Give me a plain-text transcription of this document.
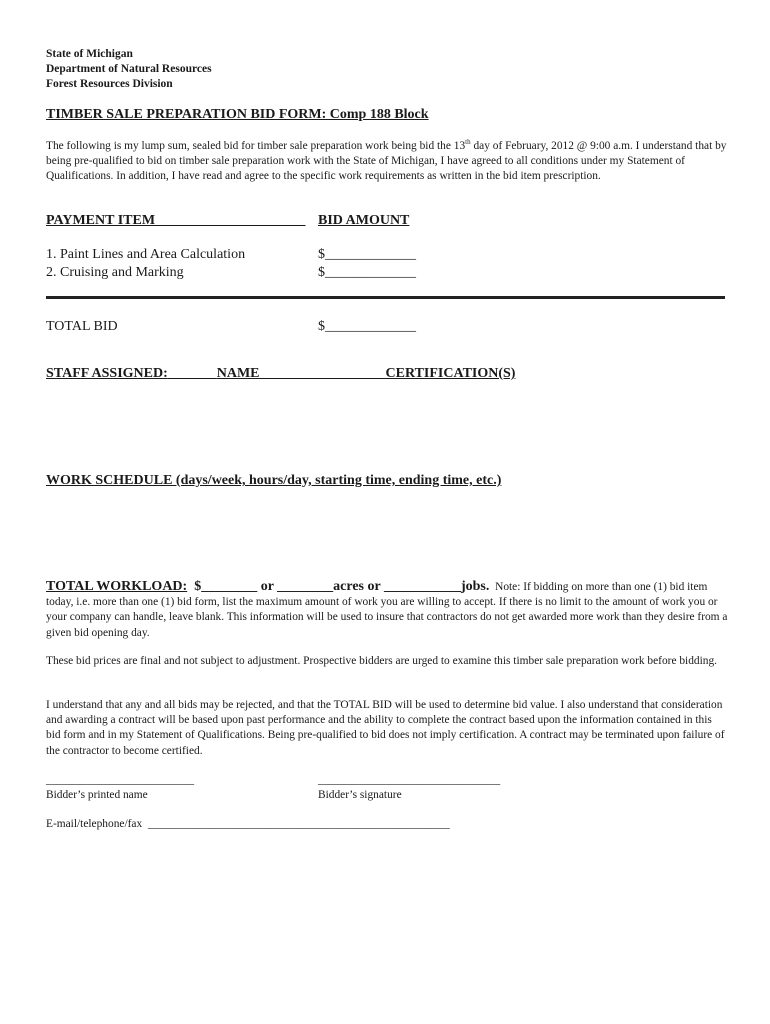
State of Michigan
Department of Natural Resources
Forest Resources Division
TIMBER SALE PREPARATION BID FORM: Comp 188 Block
The following is my lump sum, sealed bid for timber sale preparation work being bid the 13th day of February, 2012 @ 9:00 a.m. I understand that by being pre-qualified to bid on timber sale preparation work with the State of Michigan, I have agreed to all conditions under my Statement of Qualifications. In addition, I have read and agree to the specific work requirements as written in the bid item prescription.
PAYMENT ITEM	BID AMOUNT
1. Paint Lines and Area Calculation	$_____________
2. Cruising and Marking	$_____________
TOTAL BID	$_____________
STAFF ASSIGNED:	NAME	CERTIFICATION(S)
WORK SCHEDULE (days/week, hours/day, starting time, ending time, etc.)
TOTAL WORKLOAD: $________ or ________acres or ___________jobs. Note: If bidding on more than one (1) bid item today, i.e. more than one (1) bid form, list the maximum amount of work you are willing to accept. If there is no limit to the amount of work you or your company can handle, leave blank. This information will be used to insure that contractors do not get awarded more work than they desire from a given bid opening day.
These bid prices are final and not subject to adjustment. Prospective bidders are urged to examine this timber sale preparation work before bidding.
I understand that any and all bids may be rejected, and that the TOTAL BID will be used to determine bid value. I also understand that consideration and awarding a contract will be based upon past performance and the ability to complete the contract based upon the information contained in this bid form and in my Statement of Qualifications. Being pre-qualified to bid does not imply certification. A contract may be terminated upon failure of the contractor to become certified.
__________________________	________________________________
Bidder’s printed name	Bidder’s signature
E-mail/telephone/fax _____________________________________________________
